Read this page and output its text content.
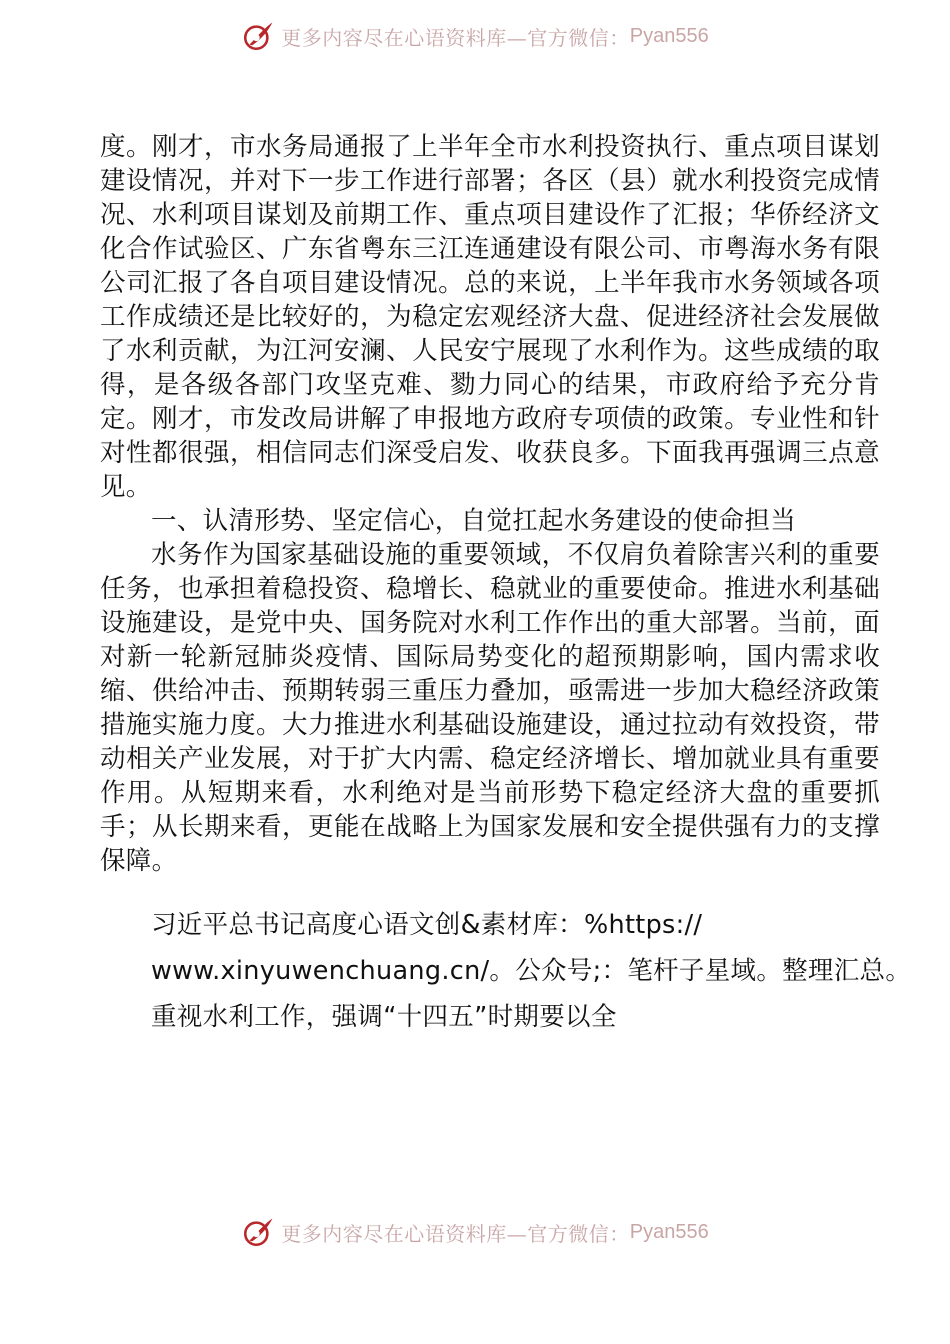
更多内容尽在心语资料库—官方微信： Pyan556

度。刚才，市水务局通报了上半年全市水利投资执行、重点项目谋划建设情况，并对下一步工作进行部署；各区（县）就水利投资完成情况、水利项目谋划及前期工作、重点项目建设作了汇报；华侨经济文化合作试验区、广东省粤东三江连通建设有限公司、市粤海水务有限公司汇报了各自项目建设情况。总的来说，上半年我市水务领域各项工作成绩还是比较好的，为稳定宏观经济大盘、促进经济社会发展做了水利贡献，为江河安澜、人民安宁展现了水利作为。这些成绩的取得，是各级各部门攻坚克难、勠力同心的结果，市政府给予充分肯定。刚才，市发改局讲解了申报地方政府专项债的政策。专业性和针对性都很强，相信同志们深受启发、收获良多。下面我再强调三点意见。

一、认清形势、坚定信心，自觉扛起水务建设的使命担当

水务作为国家基础设施的重要领域，不仅肩负着除害兴利的重要任务，也承担着稳投资、稳增长、稳就业的重要使命。推进水利基础设施建设，是党中央、国务院对水利工作作出的重大部署。当前，面对新一轮新冠肺炎疫情、国际局势变化的超预期影响，国内需求收缩、供给冲击、预期转弱三重压力叠加，亟需进一步加大稳经济政策措施实施力度。大力推进水利基础设施建设，通过拉动有效投资，带动相关产业发展，对于扩大内需、稳定经济增长、增加就业具有重要作用。从短期来看，水利绝对是当前形势下稳定经济大盘的重要抓手；从长期来看，更能在战略上为国家发展和安全提供强有力的支撑保障。

习近平总书记高度心语文创&素材库：%https://

www.xinyuwenchuang.cn/。公众号;：笔杆子星域。整理汇总。

重视水利工作，强调“十四五”时期要以全

更多内容尽在心语资料库—官方微信： Pyan556
